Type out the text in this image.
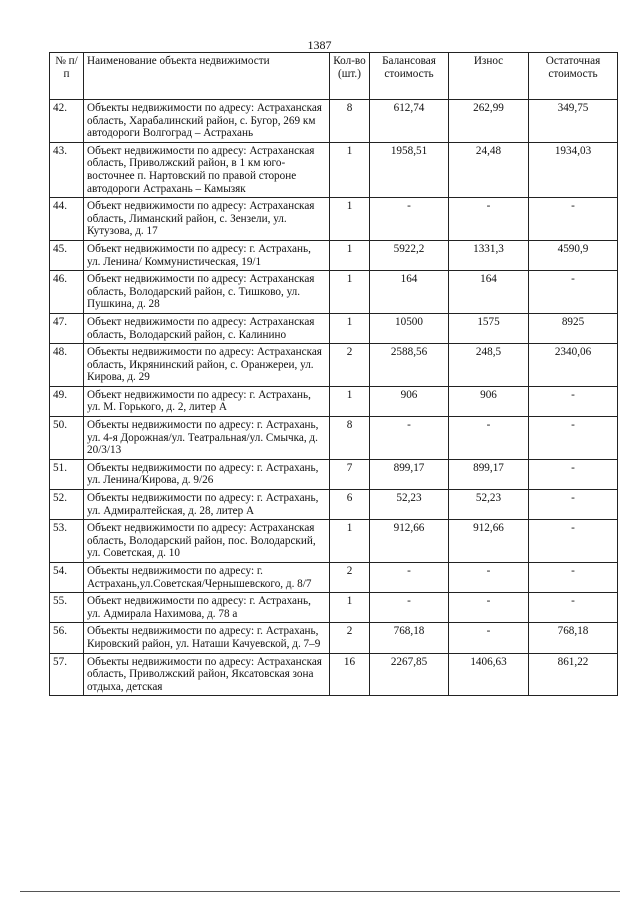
1387
№ п/п	Наименование объекта недвижимости	Кол-во (шт.)	Балансовая стоимость	Износ	Остаточная стоимость
42.	Объекты недвижимости по адресу: Астраханская область, Харабалинский район, с. Бугор, 269 км автодороги Волгоград – Астрахань	8	612,74	262,99	349,75
43.	Объект недвижимости по адресу: Астраханская область, Приволжский район, в 1 км юго-восточнее п. Нартовский по правой стороне автодороги Астрахань – Камызяк	1	1958,51	24,48	1934,03
44.	Объект недвижимости по адресу: Астраханская область, Лиманский район, с. Зензели, ул. Кутузова, д. 17	1	-	-	-
45.	Объект недвижимости по адресу: г. Астрахань, ул. Ленина/ Коммунистическая, 19/1	1	5922,2	1331,3	4590,9
46.	Объект недвижимости по адресу: Астраханская область, Володарский район, с. Тишково, ул. Пушкина, д. 28	1	164	164	-
47.	Объект недвижимости по адресу: Астраханская область, Володарский район, с. Калинино	1	10500	1575	8925
48.	Объекты недвижимости по адресу: Астраханская область, Икрянинский район, с. Оранжереи, ул. Кирова, д. 29	2	2588,56	248,5	2340,06
49.	Объект недвижимости по адресу: г. Астрахань, ул. М. Горького, д. 2, литер А	1	906	906	-
50.	Объекты недвижимости по адресу: г. Астрахань, ул. 4-я Дорожная/ул. Театральная/ул. Смычка, д. 20/3/13	8	-	-	-
51.	Объекты недвижимости по адресу: г. Астрахань, ул. Ленина/Кирова, д. 9/26	7	899,17	899,17	-
52.	Объекты недвижимости по адресу: г. Астрахань, ул. Адмиралтейская, д. 28, литер А	6	52,23	52,23	-
53.	Объект недвижимости по адресу: Астраханская область, Володарский район, пос. Володарский, ул. Советская, д. 10	1	912,66	912,66	-
54.	Объекты недвижимости по адресу: г. Астрахань,ул.Советская/Чернышевского, д. 8/7	2	-	-	-
55.	Объект недвижимости по адресу: г. Астрахань, ул. Адмирала Нахимова, д. 78 а	1	-	-	-
56.	Объекты недвижимости по адресу: г. Астрахань, Кировский район, ул. Наташи Качуевской, д. 7–9	2	768,18	-	768,18
57.	Объекты недвижимости по адресу: Астраханская область, Приволжский район, Яксатовская зона отдыха, детская	16	2267,85	1406,63	861,22
